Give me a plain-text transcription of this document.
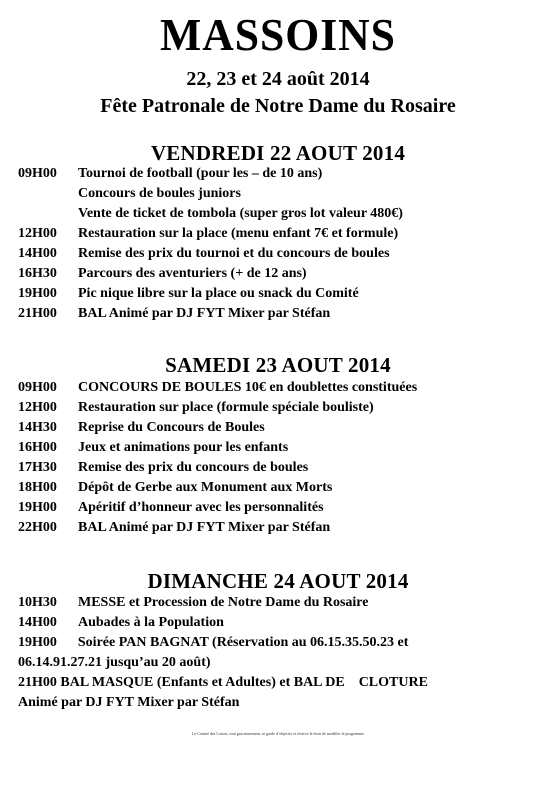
MASSOINS
22, 23 et 24 août 2014
Fête Patronale de Notre Dame du Rosaire
VENDREDI 22 AOUT 2014
09H00 Tournoi de football (pour les – de 10 ans)
Concours de boules juniors
Vente de ticket de tombola (super gros lot valeur 480€)
12H00 Restauration sur la place (menu enfant 7€ et formule)
14H00 Remise des prix du tournoi et du concours de boules
16H30 Parcours des aventuriers (+ de 12 ans)
19H00 Pic nique libre sur la place ou snack du Comité
21H00 BAL Animé par DJ FYT Mixer par Stéfan
SAMEDI 23 AOUT 2014
09H00 CONCOURS DE BOULES 10€ en doublettes constituées
12H00 Restauration sur place (formule spéciale bouliste)
14H30 Reprise du Concours de Boules
16H00 Jeux et animations pour les enfants
17H30 Remise des prix du concours de boules
18H00 Dépôt de Gerbe aux Monument aux Morts
19H00 Apéritif d’honneur avec les personnalités
22H00 BAL Animé par DJ FYT Mixer par Stéfan
DIMANCHE 24 AOUT 2014
10H30 MESSE et Procession de Notre Dame du Rosaire
14H00 Aubades à la Population
19H00      Soirée PAN BAGNAT (Réservation au 06.15.35.50.23 et
06.14.91.27.21 jusqu’au 20 août)
21H00 BAL MASQUE (Enfants et Adultes) et BAL DE    CLOTURE
Animé par DJ FYT Mixer par Stéfan
Le Comité des Loisirs, tout gracieusement, se garde d’objecter et réserve le droit de modifier le programme
